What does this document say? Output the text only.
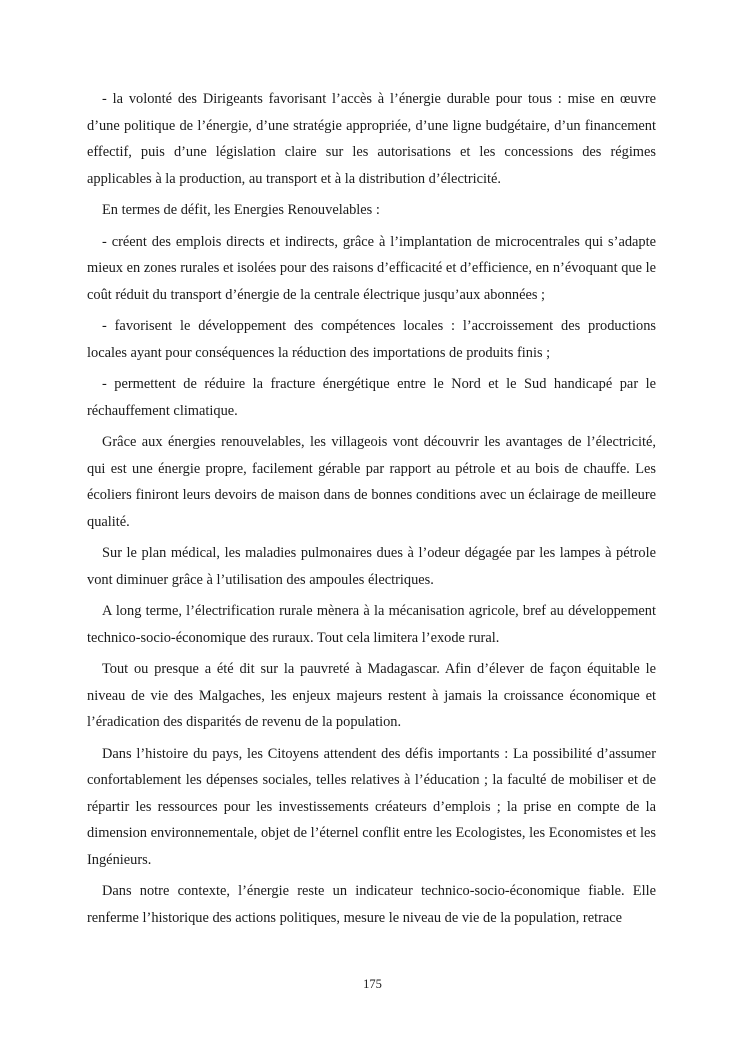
- la volonté des Dirigeants favorisant l’accès à l’énergie durable pour tous : mise en œuvre d’une politique de l’énergie, d’une stratégie appropriée, d’une ligne budgétaire, d’un financement effectif, puis d’une législation claire sur les autorisations et les concessions des régimes applicables à la production, au transport et à la distribution d’électricité.

En termes de défit, les Energies Renouvelables :

- créent des emplois directs et indirects, grâce à l’implantation de microcentrales qui s’adapte mieux en zones rurales et isolées pour des raisons d’efficacité et d’efficience, en n’évoquant que le coût réduit du transport d’énergie de la centrale électrique jusqu’aux abonnées ;

- favorisent le développement des compétences locales : l’accroissement des productions locales ayant pour conséquences la réduction des importations de produits finis ;

- permettent de réduire la fracture énergétique entre le Nord et le Sud handicapé par le réchauffement climatique.

Grâce aux énergies renouvelables, les villageois vont découvrir les avantages de l’électricité, qui est une énergie propre, facilement gérable par rapport au pétrole et au bois de chauffe. Les écoliers finiront leurs devoirs de maison dans de bonnes conditions avec un éclairage de meilleure qualité.

Sur le plan médical, les maladies pulmonaires dues à l’odeur dégagée par les lampes à pétrole vont diminuer grâce à l’utilisation des ampoules électriques.

A long terme, l’électrification rurale mènera à la mécanisation agricole, bref au développement technico-socio-économique des ruraux. Tout cela limitera l’exode rural.

Tout ou presque a été dit sur la pauvreté à Madagascar. Afin d’élever de façon équitable le niveau de vie des Malgaches, les enjeux majeurs restent à jamais la croissance économique et l’éradication des disparités de revenu de la population.

Dans l’histoire du pays, les Citoyens attendent des défis importants : La possibilité d’assumer confortablement les dépenses sociales, telles relatives à l’éducation ; la faculté de mobiliser et de répartir les ressources pour les investissements créateurs d’emplois ; la prise en compte de la dimension environnementale, objet de l’éternel conflit entre les Ecologistes, les Economistes et les Ingénieurs.

Dans notre contexte, l’énergie reste un indicateur technico-socio-économique fiable. Elle renferme l’historique des actions politiques, mesure le niveau de vie de la population, retrace

175
